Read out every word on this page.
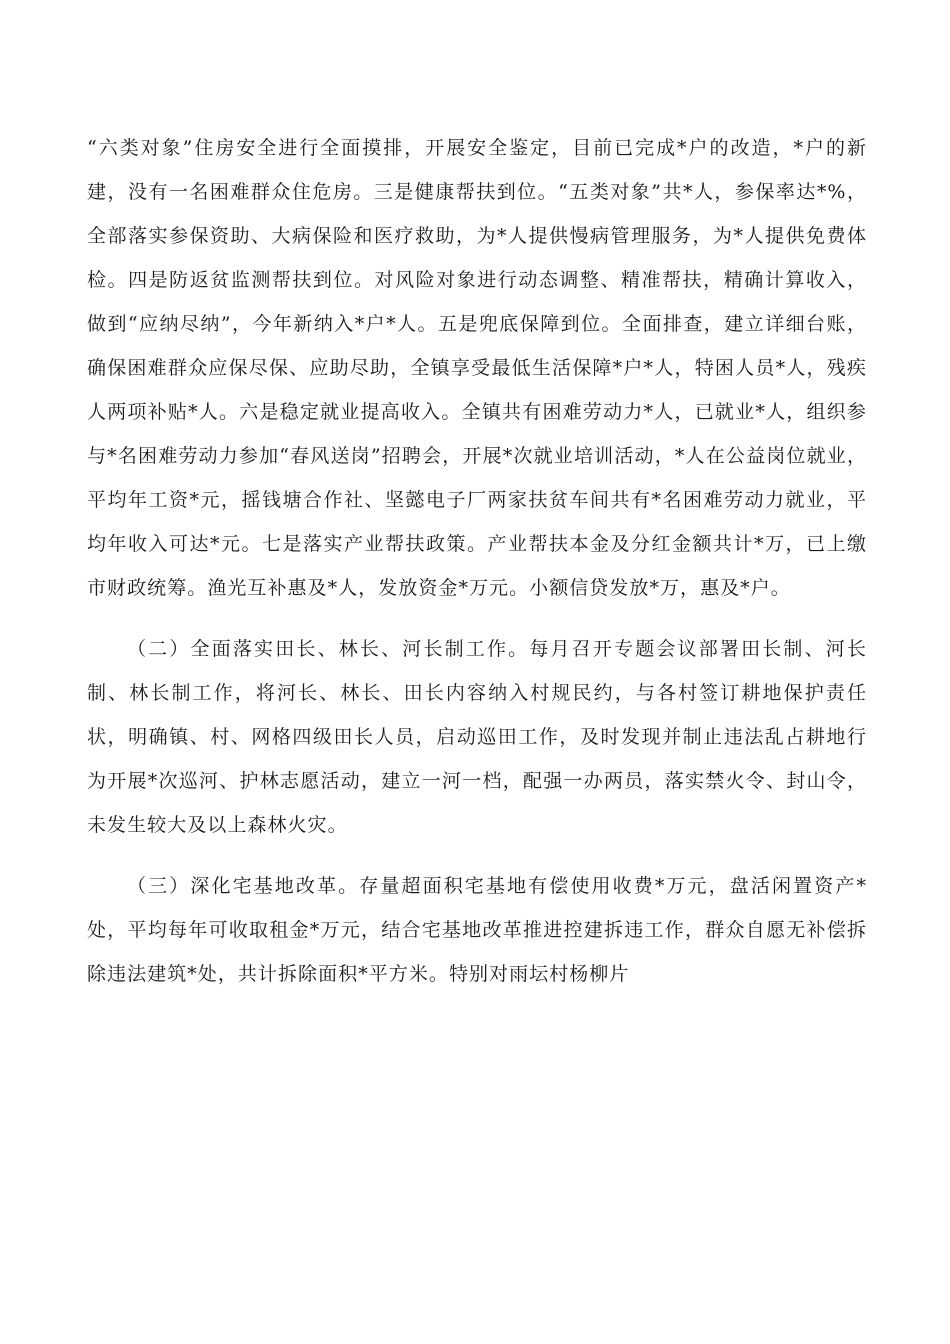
“六类对象”住房安全进行全面摸排，开展安全鉴定，目前已完成*户的改造，*户的新建，没有一名困难群众住危房。三是健康帮扶到位。“五类对象”共*人，参保率达*%，全部落实参保资助、大病保险和医疗救助，为*人提供慢病管理服务，为*人提供免费体检。四是防返贫监测帮扶到位。对风险对象进行动态调整、精准帮扶，精确计算收入，做到“应纳尽纳”，今年新纳入*户*人。五是兜底保障到位。全面排查，建立详细台账，确保困难群众应保尽保、应助尽助，全镇享受最低生活保障*户*人，特困人员*人，残疾人两项补贴*人。六是稳定就业提高收入。全镇共有困难劳动力*人，已就业*人，组织参与*名困难劳动力参加“春风送岗”招聘会，开展*次就业培训活动，*人在公益岗位就业，平均年工资*元，摇钱塘合作社、坚懿电子厂两家扶贫车间共有*名困难劳动力就业，平均年收入可达*元。七是落实产业帮扶政策。产业帮扶本金及分红金额共计*万，已上缴市财政统筹。渔光互补惠及*人，发放资金*万元。小额信贷发放*万，惠及*户。

（二）全面落实田长、林长、河长制工作。每月召开专题会议部署田长制、河长制、林长制工作，将河长、林长、田长内容纳入村规民约，与各村签订耕地保护责任状，明确镇、村、网格四级田长人员，启动巡田工作，及时发现并制止违法乱占耕地行为开展*次巡河、护林志愿活动，建立一河一档，配强一办两员，落实禁火令、封山令，未发生较大及以上森林火灾。

（三）深化宅基地改革。存量超面积宅基地有偿使用收费*万元，盘活闲置资产*处，平均每年可收取租金*万元，结合宅基地改革推进控建拆违工作，群众自愿无补偿拆除违法建筑*处，共计拆除面积*平方米。特别对雨坛村杨柳片
